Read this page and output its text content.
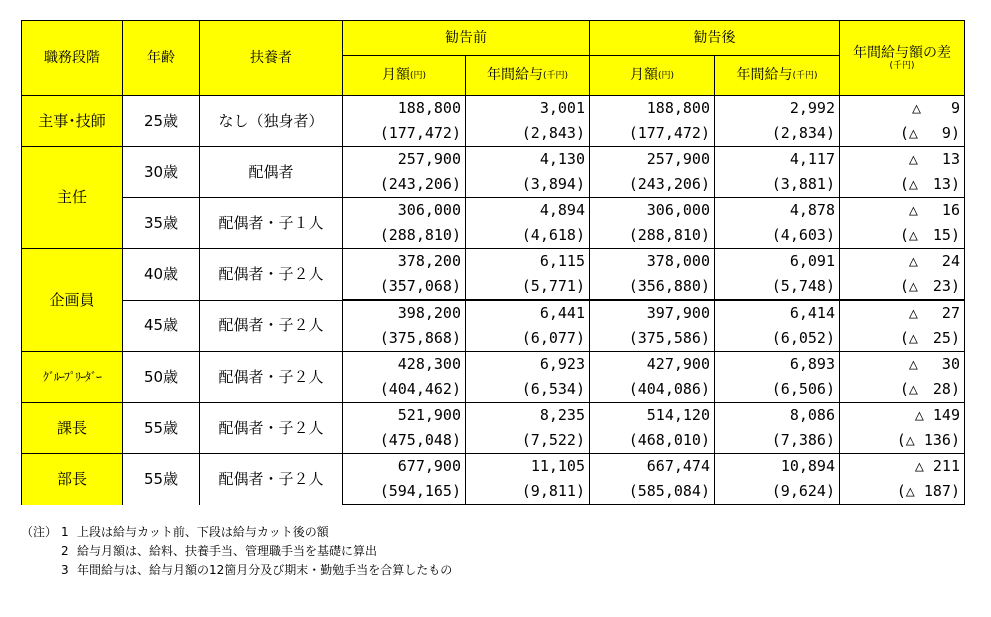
職務段階	年齢	扶養者	勧告前		勧告後		年間給与額の差
(千円)

			月額(円)	年間給与(千円)	月額(円)	年間給与(千円)	
主事･技師	25歳	なし（独身者）	188,800	3,001	188,800	2,992	△　　9
			(177,472)	(2,843)	(177,472)	(2,834)	(△　 9)
主任	30歳	配偶者	257,900	4,130	257,900	4,117	△　 13
			(243,206)	(3,894)	(243,206)	(3,881)	(△　13)
	35歳	配偶者・子１人	306,000	4,894	306,000	4,878	△　 16
			(288,810)	(4,618)	(288,810)	(4,603)	(△　15)
企画員	40歳	配偶者・子２人	378,200	6,115	378,000	6,091	△　 24
			(357,068)	(5,771)	(356,880)	(5,748)	(△　23)
	45歳	配偶者・子２人	398,200	6,441	397,900	6,414	△　 27
			(375,868)	(6,077)	(375,586)	(6,052)	(△　25)
ｸﾞﾙｰﾌﾟﾘｰﾀﾞｰ	50歳	配偶者・子２人	428,300	6,923	427,900	6,893	△　 30
			(404,462)	(6,534)	(404,086)	(6,506)	(△　28)
課長	55歳	配偶者・子２人	521,900	8,235	514,120	8,086	△ 149
			(475,048)	(7,522)	(468,010)	(7,386)	(△ 136)
部長	55歳	配偶者・子２人	677,900	11,105	667,474	10,894	△ 211
			(594,165)	(9,811)	(585,084)	(9,624)	(△ 187)
（注） 1 上段は給与カット前、下段は給与カット後の額
2 給与月額は、給料、扶養手当、管理職手当を基礎に算出
3 年間給与は、給与月額の12箇月分及び期末・勤勉手当を合算したもの
